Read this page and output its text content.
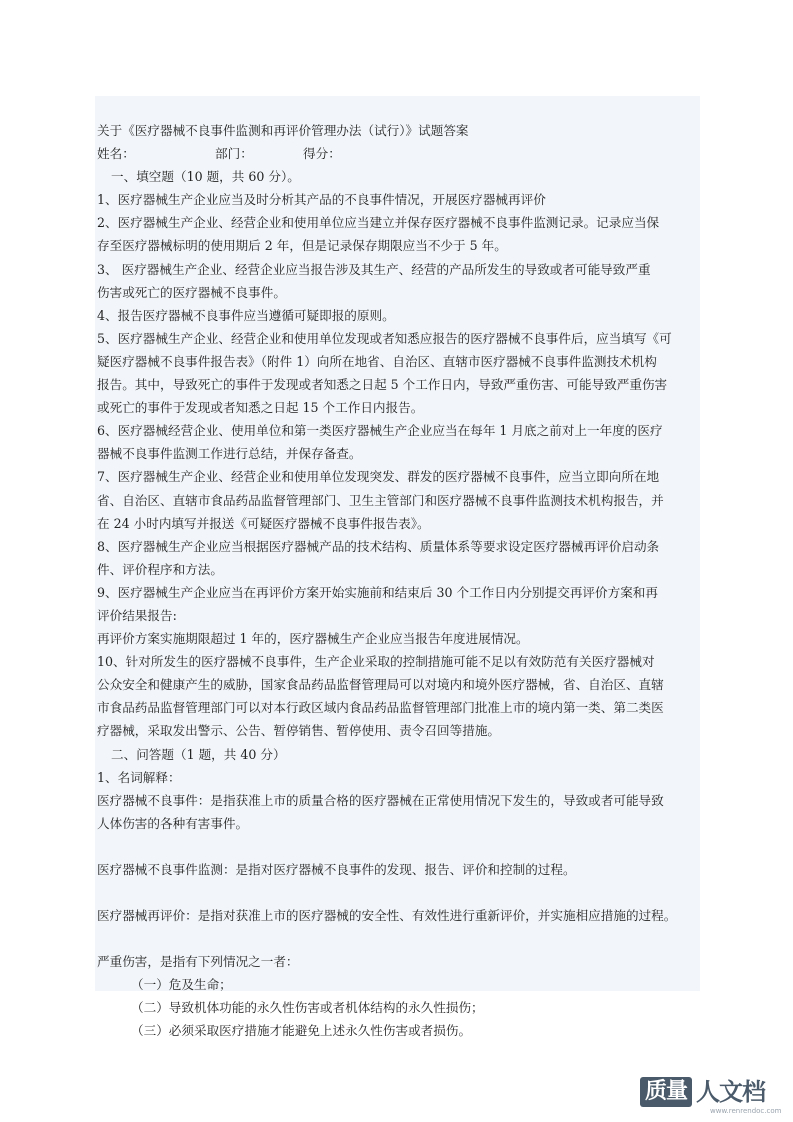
关于《医疗器械不良事件监测和再评价管理办法（试行）》试题答案
姓名：	部门：	得分：
一、填空题（10 题，共 60 分）。
1、医疗器械生产企业应当及时分析其产品的不良事件情况，开展医疗器械再评价
2、医疗器械生产企业、经营企业和使用单位应当建立并保存医疗器械不良事件监测记录。记录应当保
存至医疗器械标明的使用期后 2 年，但是记录保存期限应当不少于 5 年。
3、 医疗器械生产企业、经营企业应当报告涉及其生产、经营的产品所发生的导致或者可能导致严重
伤害或死亡的医疗器械不良事件。
4、报告医疗器械不良事件应当遵循可疑即报的原则。
5、医疗器械生产企业、经营企业和使用单位发现或者知悉应报告的医疗器械不良事件后，应当填写《可
疑医疗器械不良事件报告表》（附件 1）向所在地省、自治区、直辖市医疗器械不良事件监测技术机构
报告。其中，导致死亡的事件于发现或者知悉之日起 5 个工作日内，导致严重伤害、可能导致严重伤害
或死亡的事件于发现或者知悉之日起 15 个工作日内报告。
6、医疗器械经营企业、使用单位和第一类医疗器械生产企业应当在每年 1 月底之前对上一年度的医疗
器械不良事件监测工作进行总结，并保存备查。
7、医疗器械生产企业、经营企业和使用单位发现突发、群发的医疗器械不良事件，应当立即向所在地
省、自治区、直辖市食品药品监督管理部门、卫生主管部门和医疗器械不良事件监测技术机构报告，并
在 24 小时内填写并报送《可疑医疗器械不良事件报告表》。
8、医疗器械生产企业应当根据医疗器械产品的技术结构、质量体系等要求设定医疗器械再评价启动条
件、评价程序和方法。
9、医疗器械生产企业应当在再评价方案开始实施前和结束后 30 个工作日内分别提交再评价方案和再
评价结果报告:
再评价方案实施期限超过 1 年的，医疗器械生产企业应当报告年度进展情况。
10、针对所发生的医疗器械不良事件，生产企业采取的控制措施可能不足以有效防范有关医疗器械对
公众安全和健康产生的威胁，国家食品药品监督管理局可以对境内和境外医疗器械，省、自治区、直辖
市食品药品监督管理部门可以对本行政区域内食品药品监督管理部门批准上市的境内第一类、第二类医
疗器械，采取发出警示、公告、暂停销售、暂停使用、责令召回等措施。
二、问答题（1 题，共 40 分）
1、名词解释：
医疗器械不良事件：是指获准上市的质量合格的医疗器械在正常使用情况下发生的，导致或者可能导致
人体伤害的各种有害事件。
医疗器械不良事件监测：是指对医疗器械不良事件的发现、报告、评价和控制的过程。
医疗器械再评价：是指对获准上市的医疗器械的安全性、有效性进行重新评价，并实施相应措施的过程。
严重伤害，是指有下列情况之一者：
（一）危及生命；
（二）导致机体功能的永久性伤害或者机体结构的永久性损伤；
（三）必须采取医疗措施才能避免上述永久性伤害或者损伤。
质量 人文档
www.renrendoc.com
